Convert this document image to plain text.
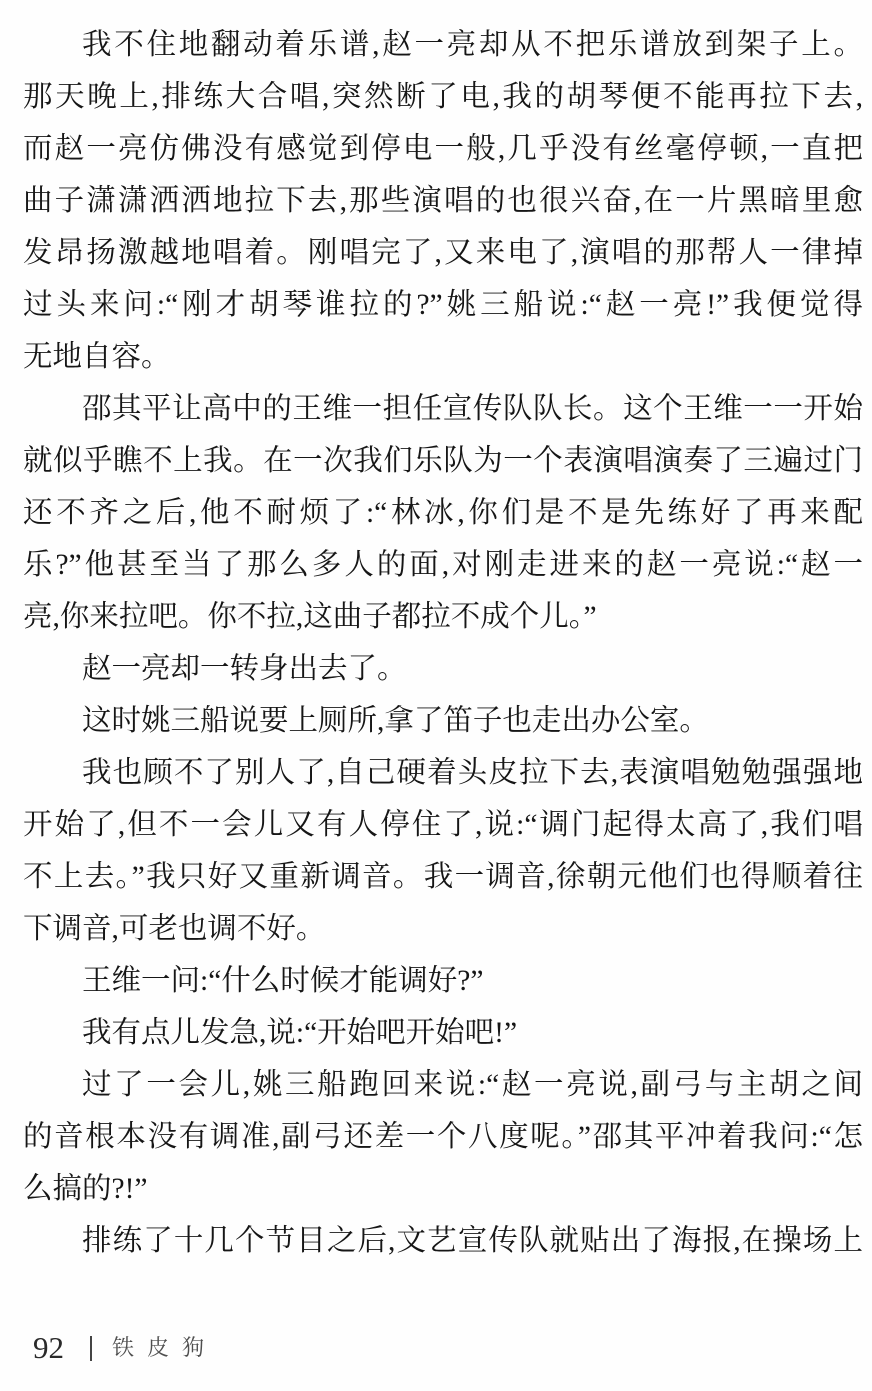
我不住地翻动着乐谱,赵一亮却从不把乐谱放到架子上。
那天晚上,排练大合唱,突然断了电,我的胡琴便不能再拉下去,
而赵一亮仿佛没有感觉到停电一般,几乎没有丝毫停顿,一直把
曲子潇潇洒洒地拉下去,那些演唱的也很兴奋,在一片黑暗里愈
发昂扬激越地唱着。刚唱完了,又来电了,演唱的那帮人一律掉
过头来问:“刚才胡琴谁拉的?”姚三船说:“赵一亮!”我便觉得
无地自容。

邵其平让高中的王维一担任宣传队队长。这个王维一一开始
就似乎瞧不上我。在一次我们乐队为一个表演唱演奏了三遍过门
还不齐之后,他不耐烦了:“林冰,你们是不是先练好了再来配
乐?”他甚至当了那么多人的面,对刚走进来的赵一亮说:“赵一
亮,你来拉吧。你不拉,这曲子都拉不成个儿。”

赵一亮却一转身出去了。

这时姚三船说要上厕所,拿了笛子也走出办公室。

我也顾不了别人了,自己硬着头皮拉下去,表演唱勉勉强强地
开始了,但不一会儿又有人停住了,说:“调门起得太高了,我们唱
不上去。”我只好又重新调音。我一调音,徐朝元他们也得顺着往
下调音,可老也调不好。

王维一问:“什么时候才能调好?”

我有点儿发急,说:“开始吧开始吧!”

过了一会儿,姚三船跑回来说:“赵一亮说,副弓与主胡之间
的音根本没有调准,副弓还差一个八度呢。”邵其平冲着我问:“怎
么搞的?!”

排练了十几个节目之后,文艺宣传队就贴出了海报,在操场上

92 铁皮狗
